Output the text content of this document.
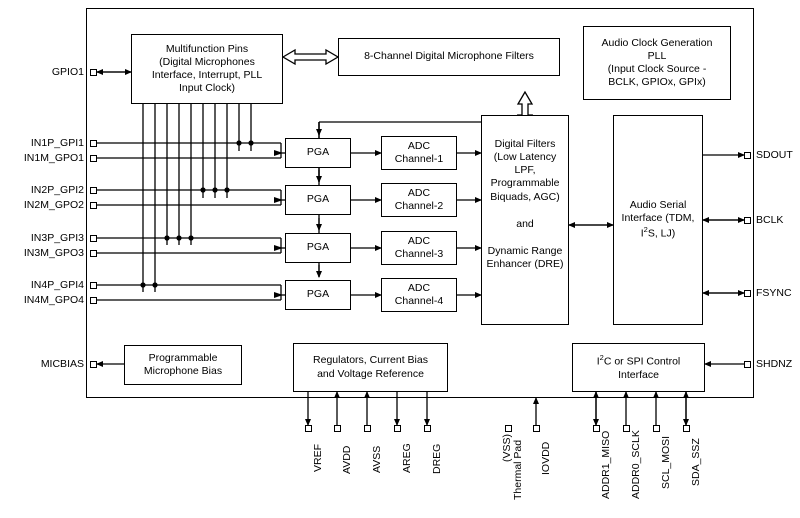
Multifunction Pins
(Digital Microphones
Interface, Interrupt, PLL
Input Clock)
8-Channel Digital Microphone Filters
Audio Clock Generation
PLL
(Input Clock Source -
BCLK, GPIOx, GPIx)
PGA
PGA
PGA
PGA
ADC
Channel-1
ADC
Channel-2
ADC
Channel-3
ADC
Channel-4
Digital Filters
(Low Latency LPF,
Programmable
Biquads, AGC)
and
Dynamic Range
Enhancer (DRE)
Audio Serial
Interface (TDM,
$I^2S$, LJ)
Programmable
Microphone Bias
Regulators, Current Bias
and Voltage Reference
$I^2C$ or SPI Control
Interface
GPIO1
IN1P_GPI1
IN1M_GPO1
IN2P_GPI2
IN2M_GPO2
IN3P_GPI3
IN3M_GPO3
IN4P_GPI4
IN4M_GPO4
MICBIAS
SDOUT
BCLK
FSYNC
SHDNZ
VREF AVDD AVSS AREG DREG	Thermal Pad
(VSS)	IOVDD	ADDR1_MISO ADDR0_SCLK SCL_MOSI SDA_SSZ
